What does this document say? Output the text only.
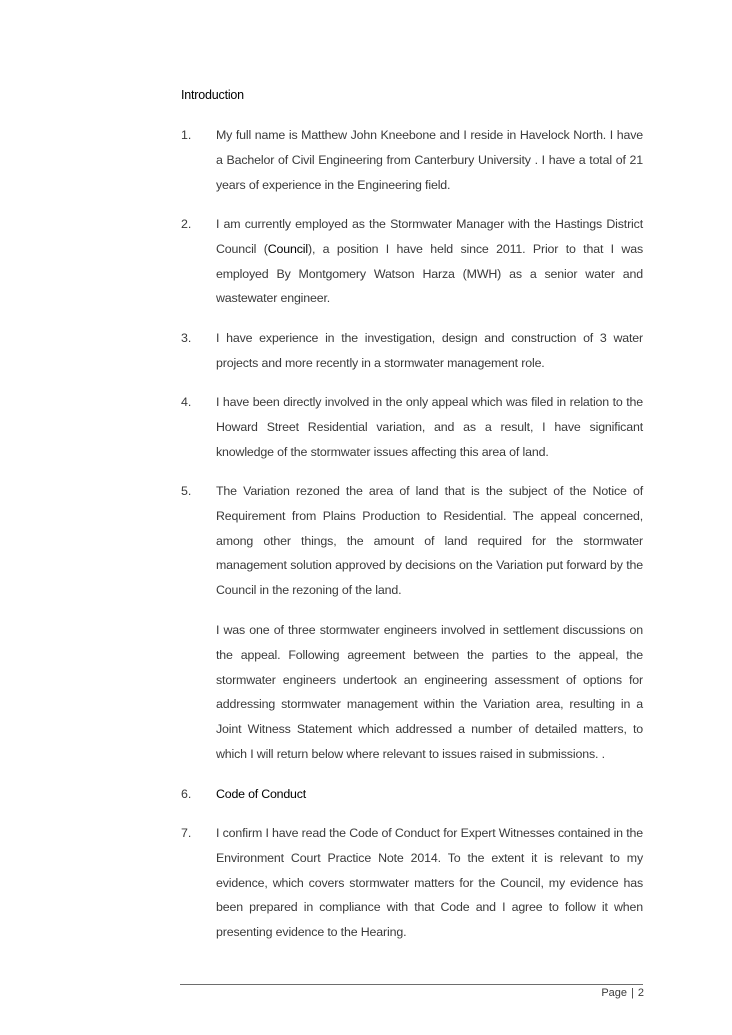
Introduction
1. My full name is Matthew John Kneebone and I reside in Havelock North. I have a Bachelor of Civil Engineering from Canterbury University . I have a total of 21 years of experience in the Engineering field.
2. I am currently employed as the Stormwater Manager with the Hastings District Council (Council), a position I have held since 2011. Prior to that I was employed By Montgomery Watson Harza (MWH) as a senior water and wastewater engineer.
3. I have experience in the investigation, design and construction of 3 water projects and more recently in a stormwater management role.
4. I have been directly involved in the only appeal which was filed in relation to the Howard Street Residential variation, and as a result, I have significant knowledge of the stormwater issues affecting this area of land.
5. The Variation rezoned the area of land that is the subject of the Notice of Requirement from Plains Production to Residential. The appeal concerned, among other things, the amount of land required for the stormwater management solution approved by decisions on the Variation put forward by the Council in the rezoning of the land.
I was one of three stormwater engineers involved in settlement discussions on the appeal. Following agreement between the parties to the appeal, the stormwater engineers undertook an engineering assessment of options for addressing stormwater management within the Variation area, resulting in a Joint Witness Statement which addressed a number of detailed matters, to which I will return below where relevant to issues raised in submissions. .
6. Code of Conduct
7. I confirm I have read the Code of Conduct for Expert Witnesses contained in the Environment Court Practice Note 2014. To the extent it is relevant to my evidence, which covers stormwater matters for the Council, my evidence has been prepared in compliance with that Code and I agree to follow it when presenting evidence to the Hearing.
Page | 2
